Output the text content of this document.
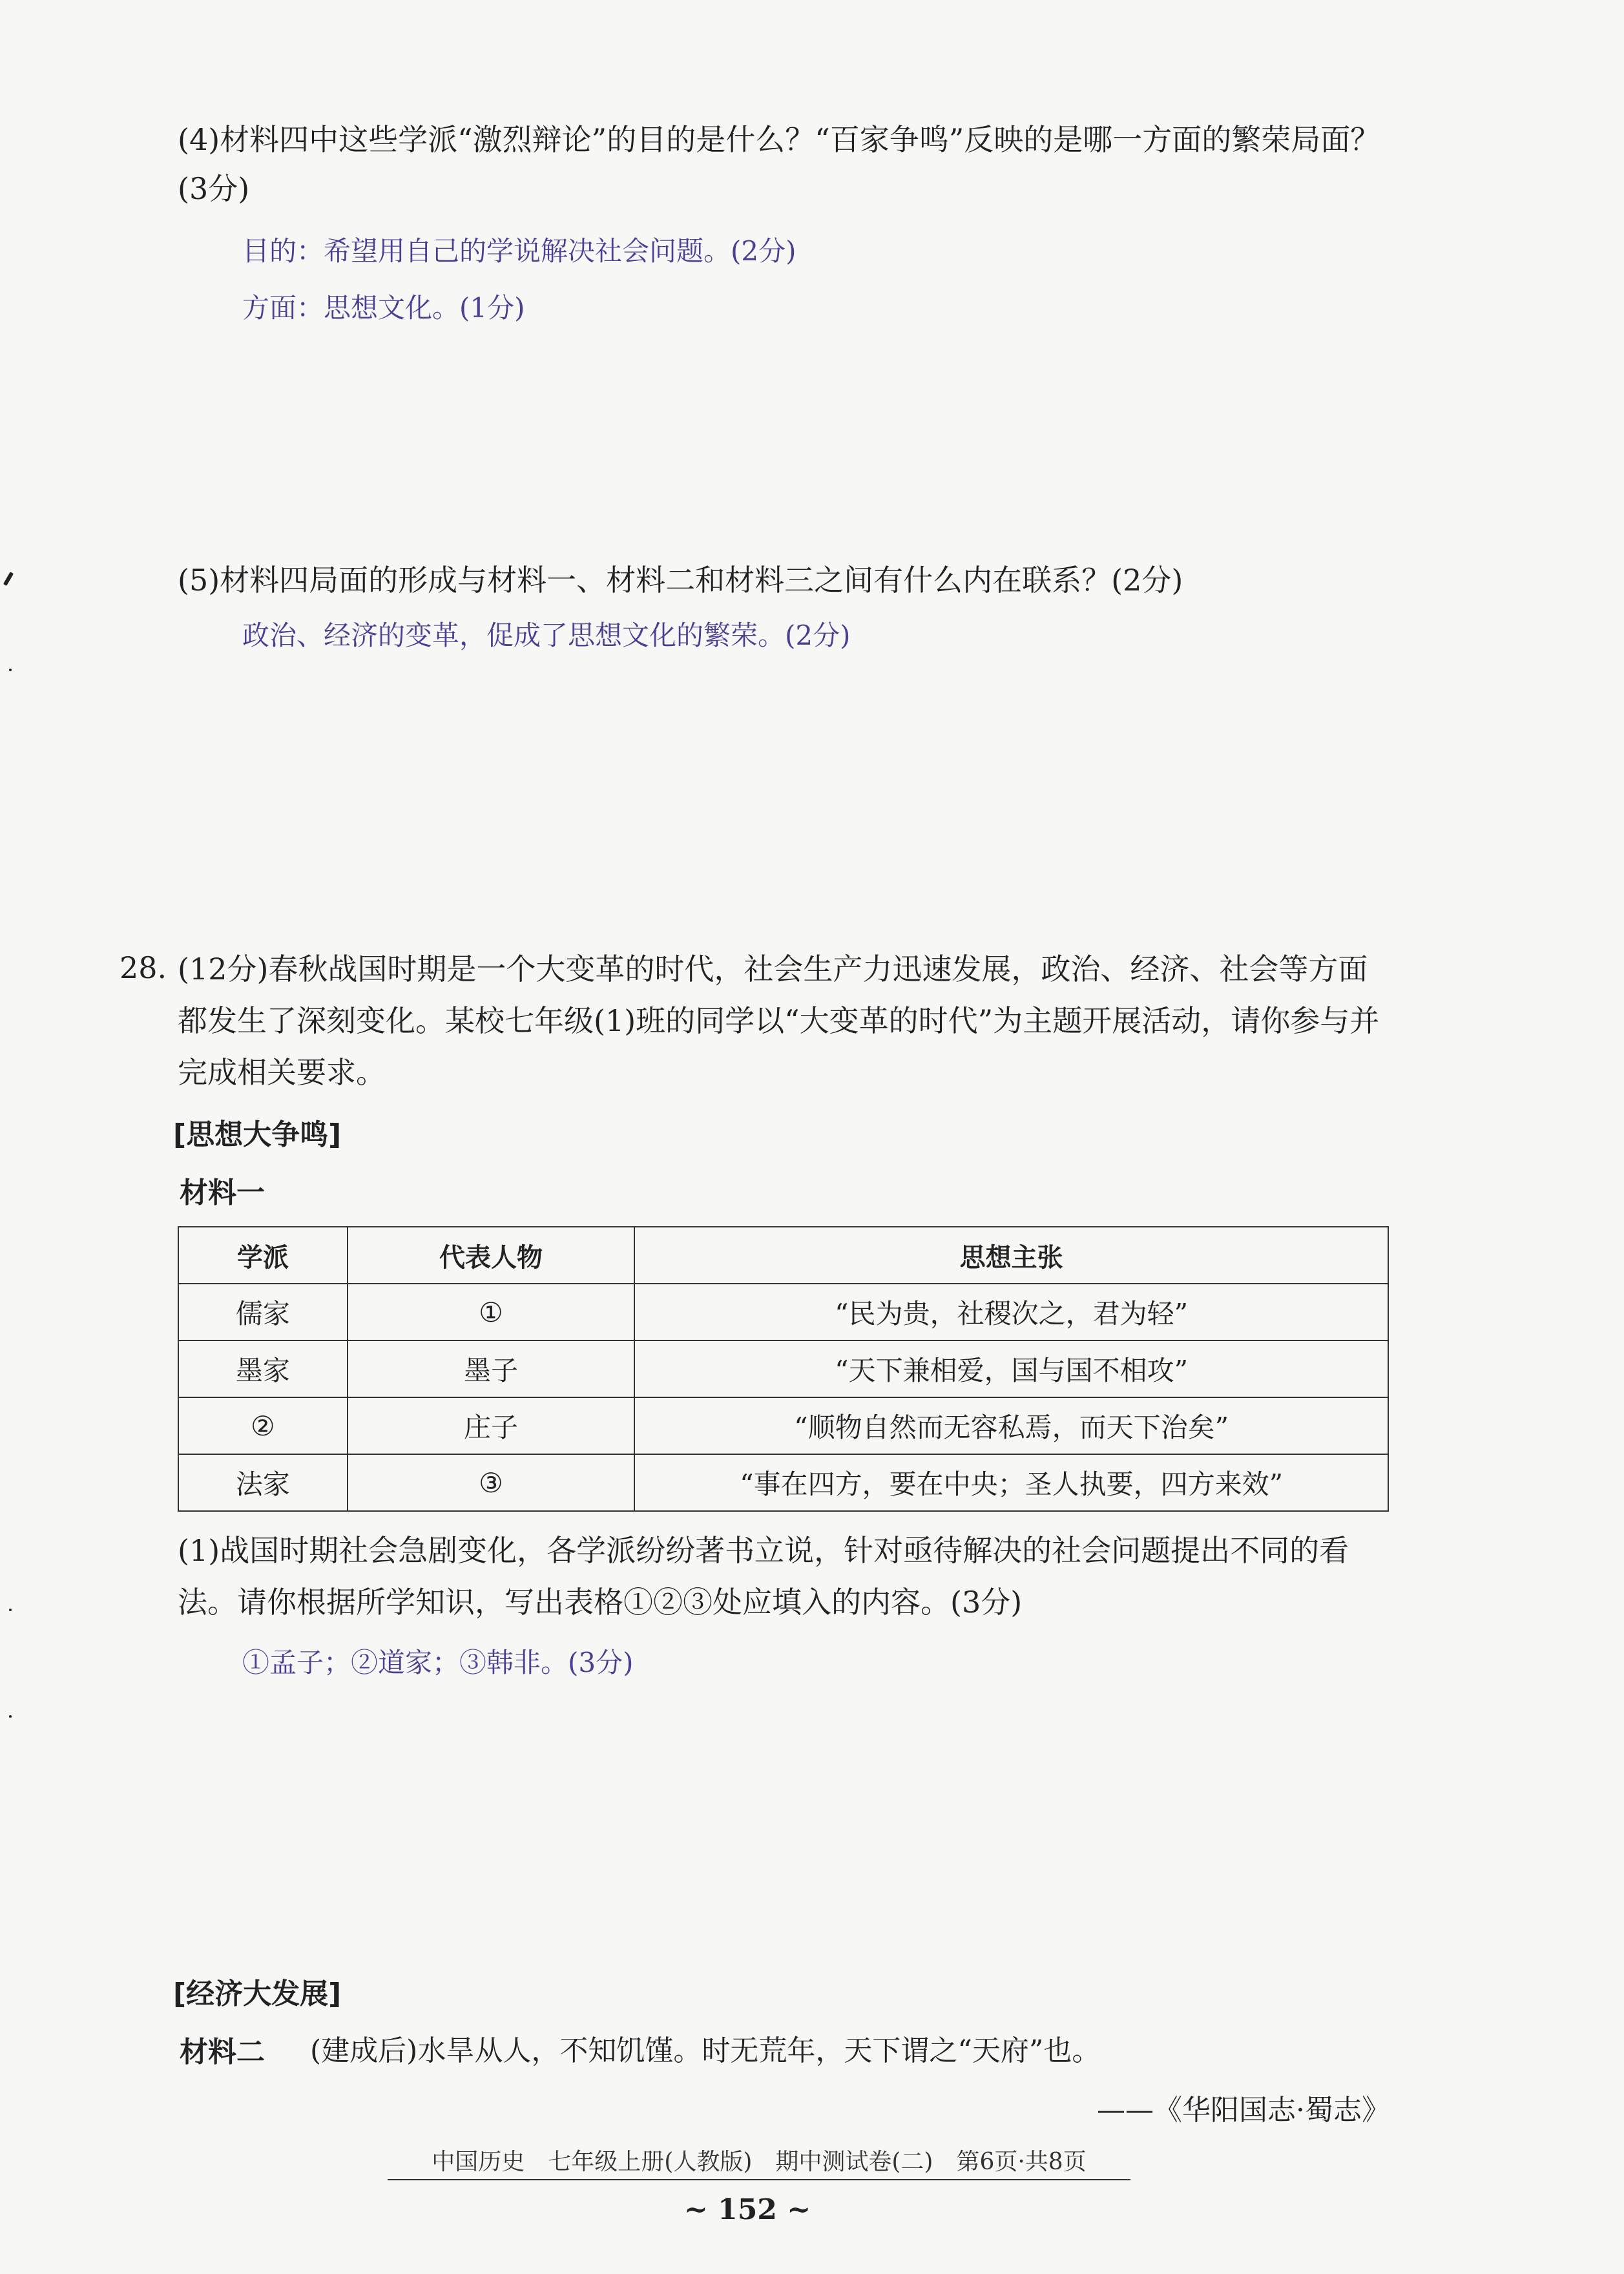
(4)材料四中这些学派“激烈辩论”的目的是什么？“百家争鸣”反映的是哪一方面的繁荣局面？(3分)
目的：希望用自己的学说解决社会问题。(2分)
方面：思想文化。(1分)
(5)材料四局面的形成与材料一、材料二和材料三之间有什么内在联系？(2分)
政治、经济的变革，促成了思想文化的繁荣。(2分)
28. (12分)春秋战国时期是一个大变革的时代，社会生产力迅速发展，政治、经济、社会等方面都发生了深刻变化。某校七年级(1)班的同学以“大变革的时代”为主题开展活动，请你参与并完成相关要求。
[思想大争鸣]
材料一
学派	代表人物	思想主张
儒家	①	“民为贵，社稷次之，君为轻”
墨家	墨子	“天下兼相爱，国与国不相攻”
②	庄子	“顺物自然而无容私焉，而天下治矣”
法家	③	“事在四方，要在中央；圣人执要，四方来效”
(1)战国时期社会急剧变化，各学派纷纷著书立说，针对亟待解决的社会问题提出不同的看法。请你根据所学知识，写出表格①②③处应填入的内容。(3分)
①孟子；②道家；③韩非。(3分)
[经济大发展]
材料二 (建成后)水旱从人，不知饥馑。时无荒年，天下谓之“天府”也。
——《华阳国志·蜀志》
中国历史　七年级上册(人教版)　期中测试卷(二)　第6页·共8页
~ 152 ~
